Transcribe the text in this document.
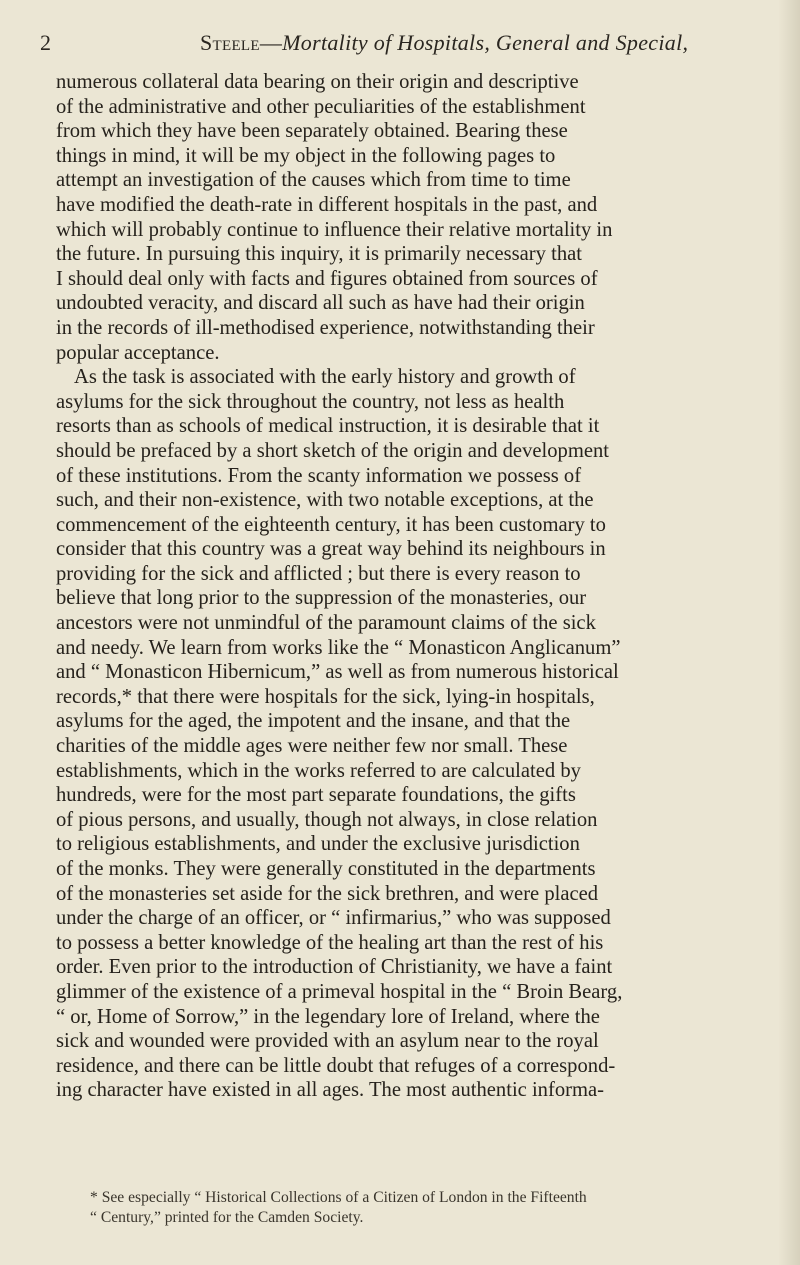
2	Steele—Mortality of Hospitals, General and Special,
numerous collateral data bearing on their origin and descriptive
of the administrative and other peculiarities of the establishment
from which they have been separately obtained. Bearing these
things in mind, it will be my object in the following pages to
attempt an investigation of the causes which from time to time
have modified the death-rate in different hospitals in the past, and
which will probably continue to influence their relative mortality in
the future. In pursuing this inquiry, it is primarily necessary that
I should deal only with facts and figures obtained from sources of
undoubted veracity, and discard all such as have had their origin
in the records of ill-methodised experience, notwithstanding their
popular acceptance.
As the task is associated with the early history and growth of
asylums for the sick throughout the country, not less as health
resorts than as schools of medical instruction, it is desirable that it
should be prefaced by a short sketch of the origin and development
of these institutions. From the scanty information we possess of
such, and their non-existence, with two notable exceptions, at the
commencement of the eighteenth century, it has been customary to
consider that this country was a great way behind its neighbours in
providing for the sick and afflicted ; but there is every reason to
believe that long prior to the suppression of the monasteries, our
ancestors were not unmindful of the paramount claims of the sick
and needy. We learn from works like the “ Monasticon Anglicanum”
and “ Monasticon Hibernicum,” as well as from numerous historical
records,* that there were hospitals for the sick, lying-in hospitals,
asylums for the aged, the impotent and the insane, and that the
charities of the middle ages were neither few nor small. These
establishments, which in the works referred to are calculated by
hundreds, were for the most part separate foundations, the gifts
of pious persons, and usually, though not always, in close relation
to religious establishments, and under the exclusive jurisdiction
of the monks. They were generally constituted in the departments
of the monasteries set aside for the sick brethren, and were placed
under the charge of an officer, or “ infirmarius,” who was supposed
to possess a better knowledge of the healing art than the rest of his
order. Even prior to the introduction of Christianity, we have a faint
glimmer of the existence of a primeval hospital in the “ Broin Bearg,
“ or, Home of Sorrow,” in the legendary lore of Ireland, where the
sick and wounded were provided with an asylum near to the royal
residence, and there can be little doubt that refuges of a correspond-
ing character have existed in all ages. The most authentic informa-
* See especially “ Historical Collections of a Citizen of London in the Fifteenth
“ Century,” printed for the Camden Society.
